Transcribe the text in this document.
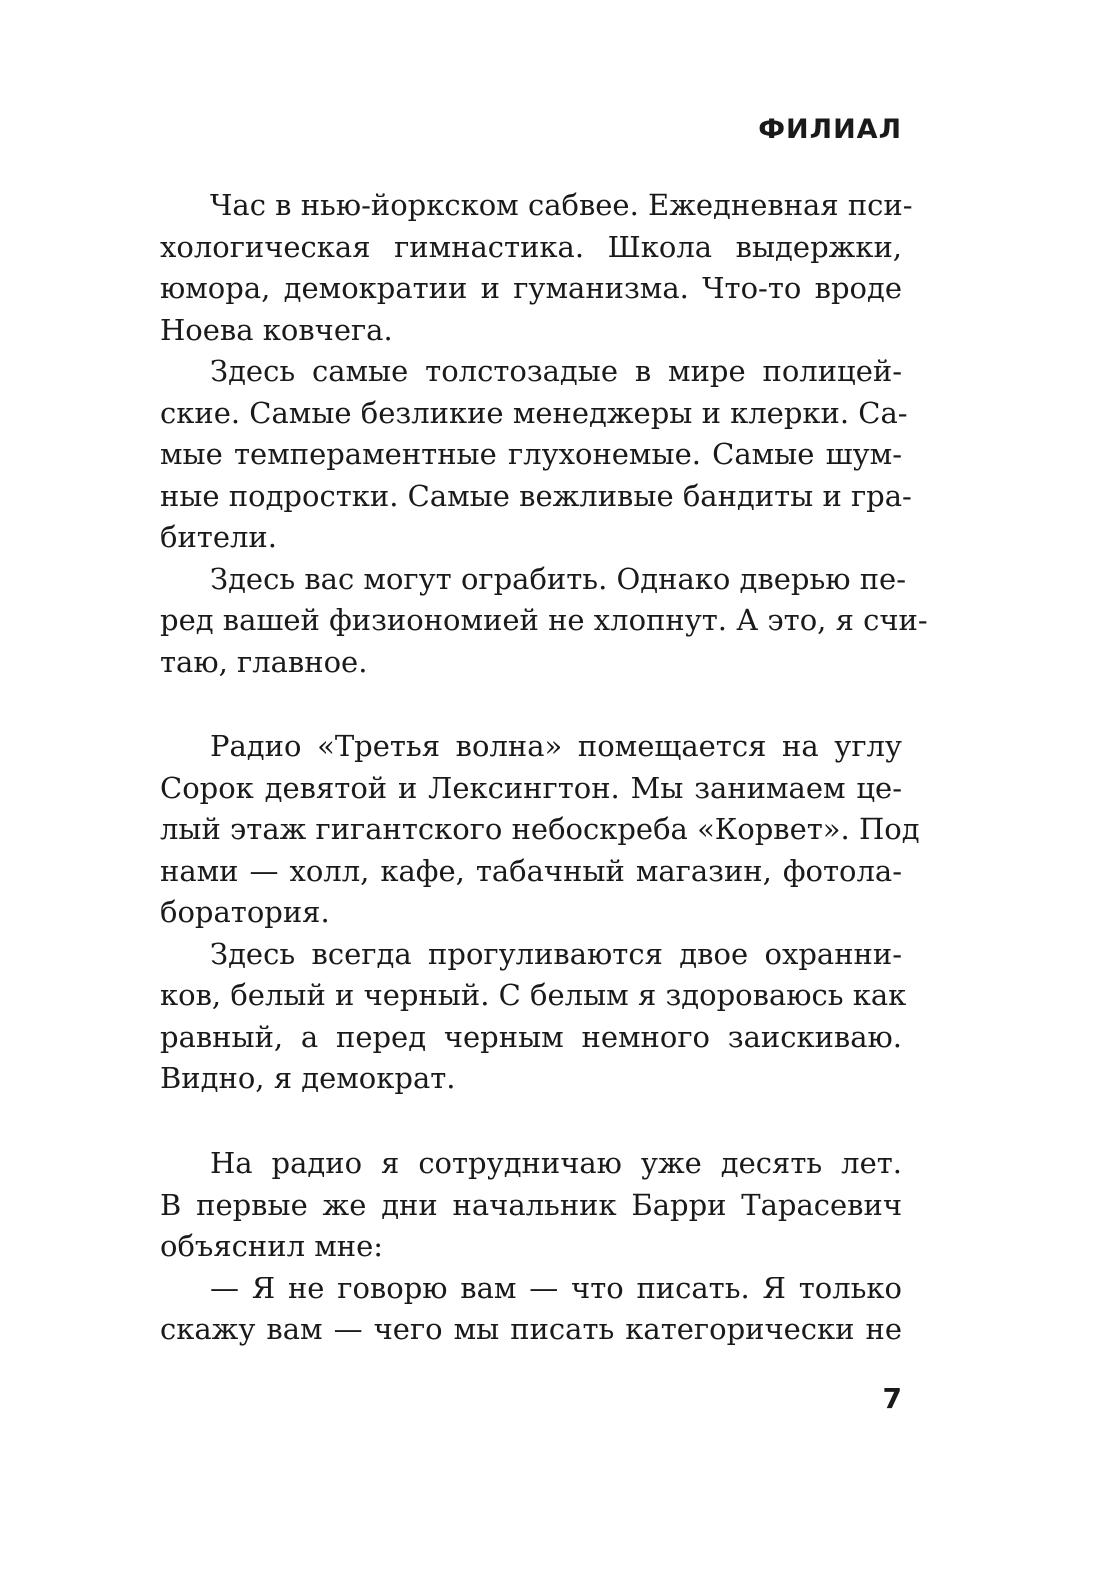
ФИЛИАЛ
Час в нью-йоркском сабвее. Ежедневная пси-
хологическая гимнастика. Школа выдержки,
юмора, демократии и гуманизма. Что-то вроде
Ноева ковчега.
Здесь самые толстозадые в мире полицей-
ские. Самые безликие менеджеры и клерки. Са-
мые темпераментные глухонемые. Самые шум-
ные подростки. Самые вежливые бандиты и гра-
бители.
Здесь вас могут ограбить. Однако дверью пе-
ред вашей физиономией не хлопнут. А это, я счи-
таю, главное.
Радио «Третья волна» помещается на углу
Сорок девятой и Лексингтон. Мы занимаем це-
лый этаж гигантского небоскреба «Корвет». Под
нами — холл, кафе, табачный магазин, фотола-
боратория.
Здесь всегда прогуливаются двое охранни-
ков, белый и черный. С белым я здороваюсь как
равный, а перед черным немного заискиваю.
Видно, я демократ.
На радио я сотрудничаю уже десять лет.
В первые же дни начальник Барри Тарасевич
объяснил мне:
— Я не говорю вам — что писать. Я только
скажу вам — чего мы писать категорически не
7
